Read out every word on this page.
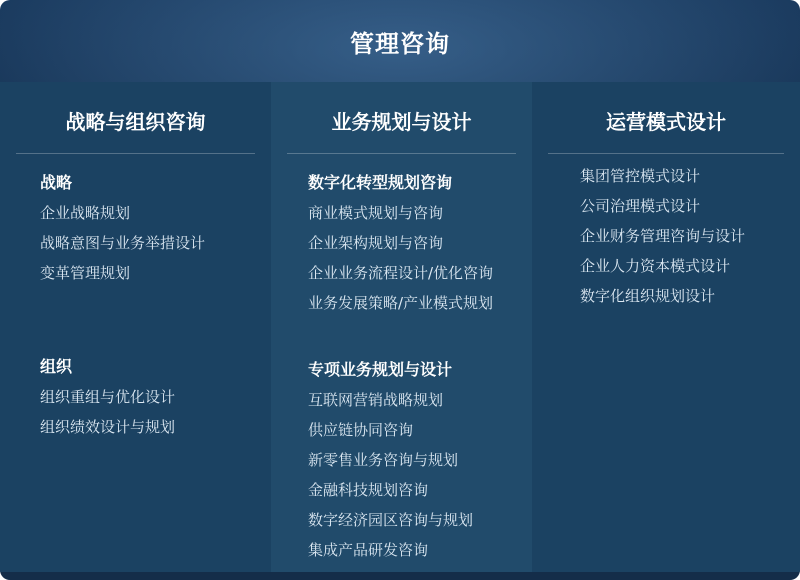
管理咨询
战略与组织咨询
战略
企业战略规划
战略意图与业务举措设计
变革管理规划
组织
组织重组与优化设计
组织绩效设计与规划
业务规划与设计
数字化转型规划咨询
商业模式规划与咨询
企业架构规划与咨询
企业业务流程设计/优化咨询
业务发展策略/产业模式规划
专项业务规划与设计
互联网营销战略规划
供应链协同咨询
新零售业务咨询与规划
金融科技规划咨询
数字经济园区咨询与规划
集成产品研发咨询
运营模式设计
集团管控模式设计
公司治理模式设计
企业财务管理咨询与设计
企业人力资本模式设计
数字化组织规划设计
